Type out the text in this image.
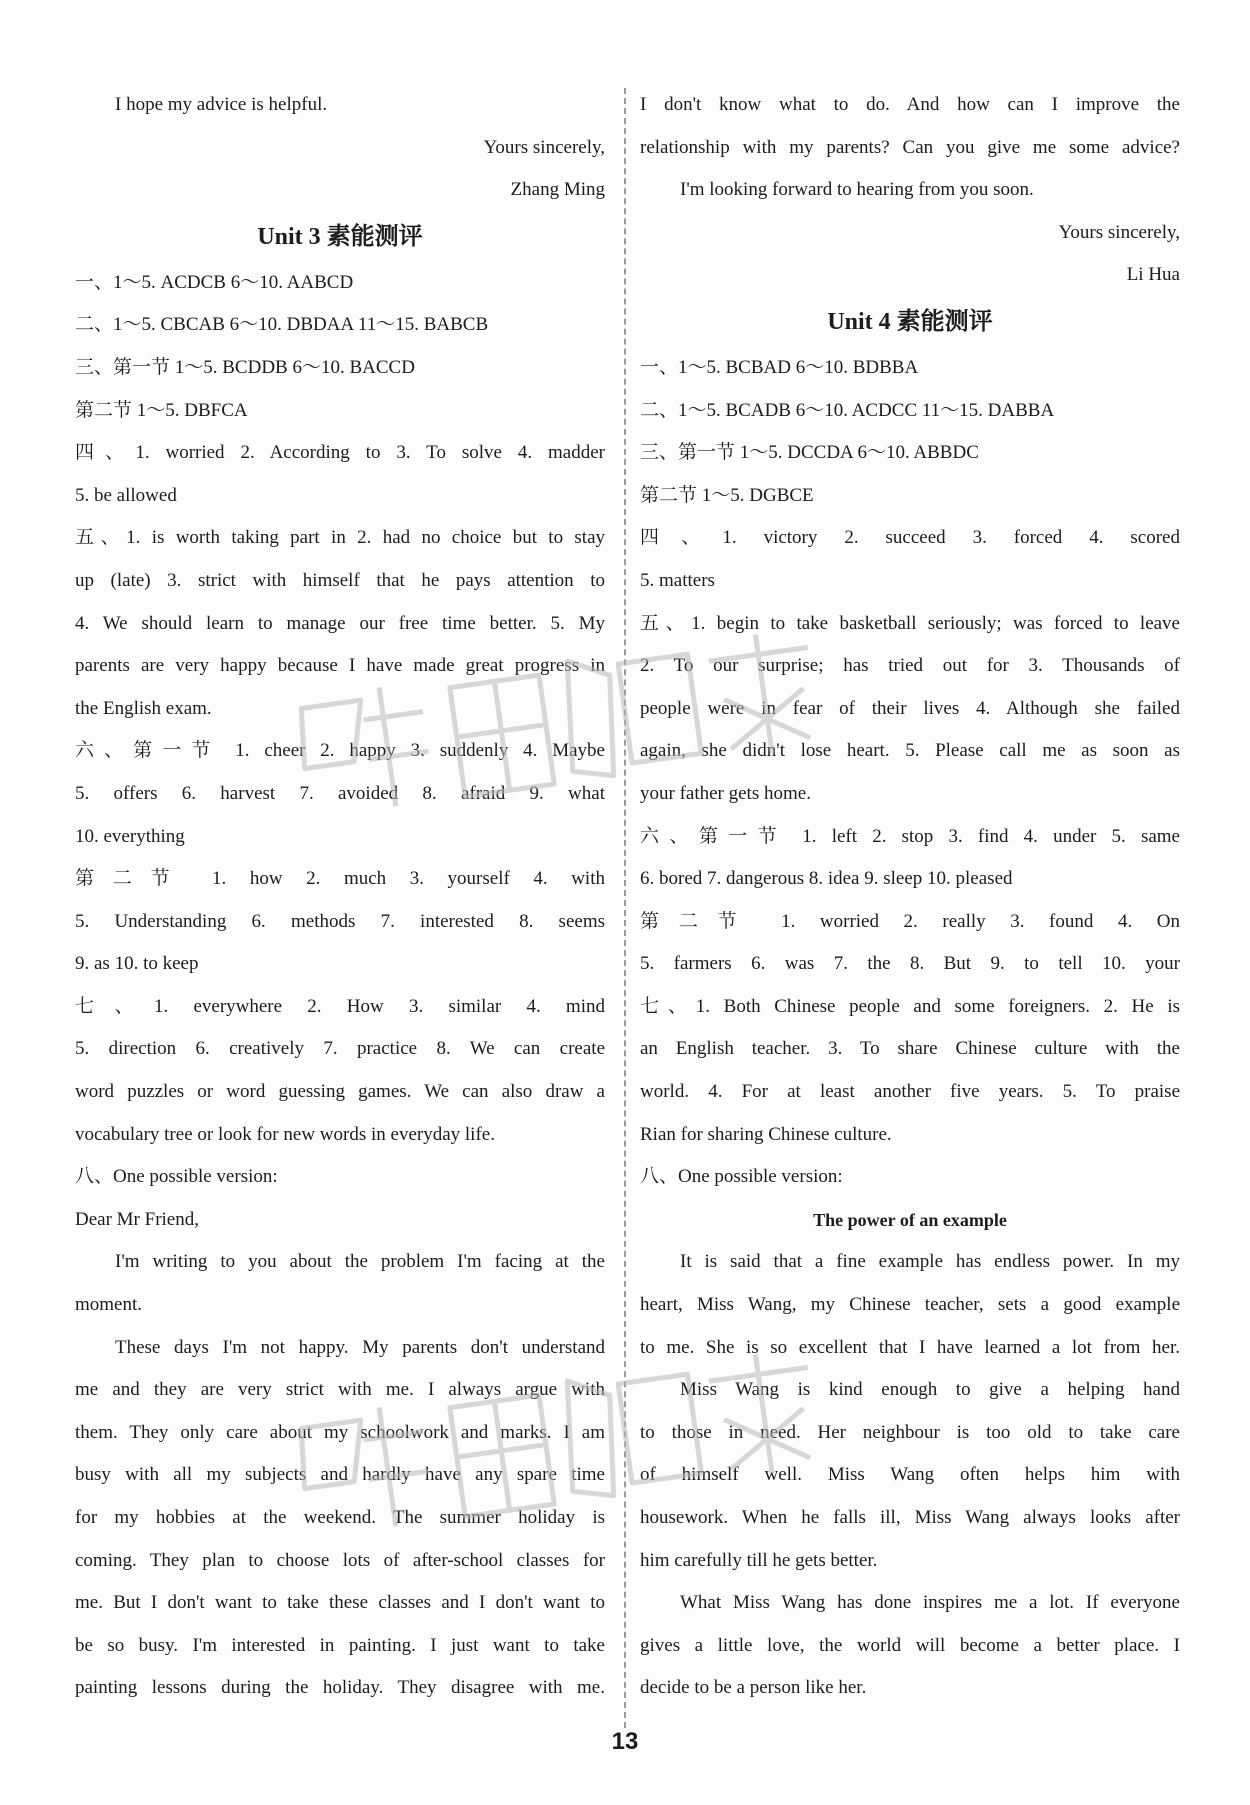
I hope my advice is helpful.

Yours sincerely,

Zhang Ming

Unit 3 素能测评

一、1～5. ACDCB 6～10. AABCD

二、1～5. CBCAB 6～10. DBDAA 11～15. BABCB

三、第一节 1～5. BCDDB 6～10. BACCD

第二节 1～5. DBFCA

四、1. worried 2. According to 3. To solve 4. madder

5. be allowed

五、1. is worth taking part in 2. had no choice but to stay

up (late) 3. strict with himself that he pays attention to

4. We should learn to manage our free time better. 5. My

parents are very happy because I have made great progress in

the English exam.

六、第一节 1. cheer 2. happy 3. suddenly 4. Maybe

5. offers 6. harvest 7. avoided 8. afraid 9. what

10. everything

第二节 1. how 2. much 3. yourself 4. with

5. Understanding 6. methods 7. interested 8. seems

9. as 10. to keep

七、1. everywhere 2. How 3. similar 4. mind

5. direction 6. creatively 7. practice 8. We can create

word puzzles or word guessing games. We can also draw a

vocabulary tree or look for new words in everyday life.

八、One possible version:

Dear Mr Friend,

I'm writing to you about the problem I'm facing at the

moment.

These days I'm not happy. My parents don't understand

me and they are very strict with me. I always argue with

them. They only care about my schoolwork and marks. I am

busy with all my subjects and hardly have any spare time

for my hobbies at the weekend. The summer holiday is

coming. They plan to choose lots of after-school classes for

me. But I don't want to take these classes and I don't want to

be so busy. I'm interested in painting. I just want to take

painting lessons during the holiday. They disagree with me.

I don't know what to do. And how can I improve the

relationship with my parents? Can you give me some advice?

I'm looking forward to hearing from you soon.

Yours sincerely,

Li Hua

Unit 4 素能测评

一、1～5. BCBAD 6～10. BDBBA

二、1～5. BCADB 6～10. ACDCC 11～15. DABBA

三、第一节 1～5. DCCDA 6～10. ABBDC

第二节 1～5. DGBCE

四、1. victory 2. succeed 3. forced 4. scored

5. matters

五、1. begin to take basketball seriously; was forced to leave

2. To our surprise; has tried out for 3. Thousands of

people were in fear of their lives 4. Although she failed

again, she didn't lose heart. 5. Please call me as soon as

your father gets home.

六、第一节 1. left 2. stop 3. find 4. under 5. same

6. bored 7. dangerous 8. idea 9. sleep 10. pleased

第二节 1. worried 2. really 3. found 4. On

5. farmers 6. was 7. the 8. But 9. to tell 10. your

七、1. Both Chinese people and some foreigners. 2. He is

an English teacher. 3. To share Chinese culture with the

world. 4. For at least another five years. 5. To praise

Rian for sharing Chinese culture.

八、One possible version:

The power of an example

It is said that a fine example has endless power. In my

heart, Miss Wang, my Chinese teacher, sets a good example

to me. She is so excellent that I have learned a lot from her.

Miss Wang is kind enough to give a helping hand

to those in need. Her neighbour is too old to take care

of himself well. Miss Wang often helps him with

housework. When he falls ill, Miss Wang always looks after

him carefully till he gets better.

What Miss Wang has done inspires me a lot. If everyone

gives a little love, the world will become a better place. I

decide to be a person like her.

13
